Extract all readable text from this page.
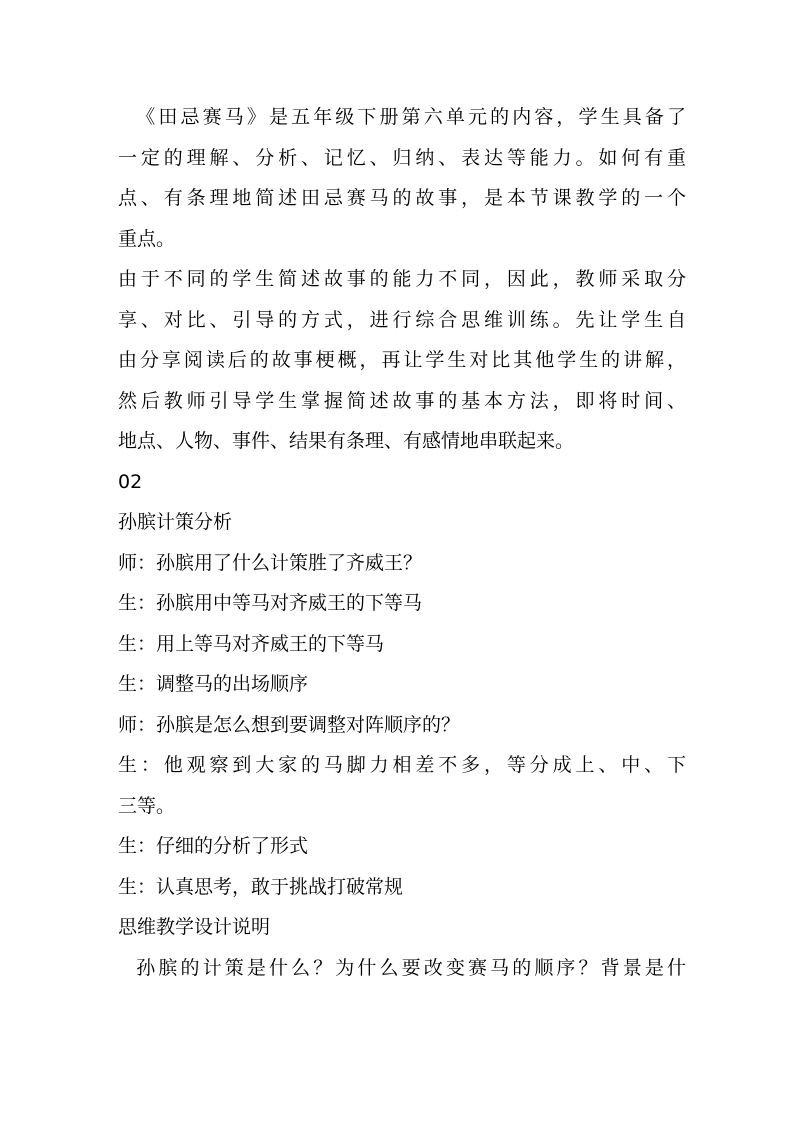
《田忌赛马》是五年级下册第六单元的内容，学生具备了
一定的理解、分析、记忆、归纳、表达等能力。如何有重
点、有条理地简述田忌赛马的故事，是本节课教学的一个
重点。
由于不同的学生简述故事的能力不同，因此，教师采取分
享、对比、引导的方式，进行综合思维训练。先让学生自
由分享阅读后的故事梗概，再让学生对比其他学生的讲解，
然后教师引导学生掌握简述故事的基本方法，即将时间、
地点、人物、事件、结果有条理、有感情地串联起来。
02
孙膑计策分析
师：孙膑用了什么计策胜了齐威王？
生：孙膑用中等马对齐威王的下等马
生：用上等马对齐威王的下等马
生：调整马的出场顺序
师：孙膑是怎么想到要调整对阵顺序的？
生：他观察到大家的马脚力相差不多，等分成上、中、下
三等。
生：仔细的分析了形式
生：认真思考，敢于挑战打破常规
思维教学设计说明
孙膑的计策是什么？为什么要改变赛马的顺序？背景是什
